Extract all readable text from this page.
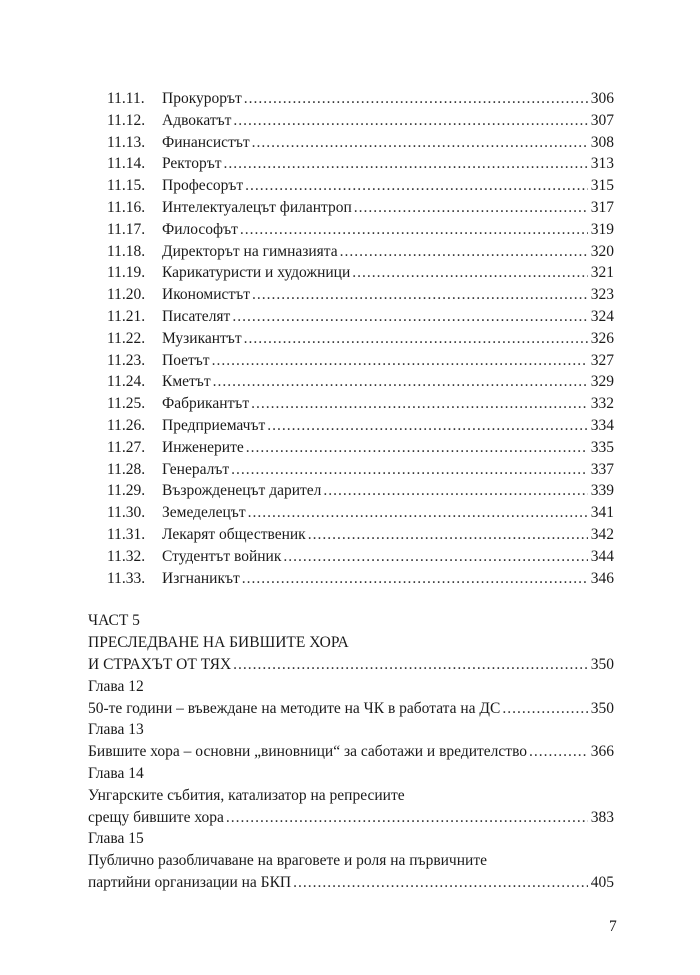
11.11.	Прокурорът .....	306
11.12.	Адвокатът .....	307
11.13.	Финансистът .....	308
11.14.	Ректорът .....	313
11.15.	Професорът .....	315
11.16.	Интелектуалецът филантроп .....	317
11.17.	Философът .....	319
11.18.	Директорът на гимназията .....	320
11.19.	Карикатуристи и художници .....	321
11.20.	Икономистът .....	323
11.21.	Писателят .....	324
11.22.	Музикантът .....	326
11.23.	Поетът .....	327
11.24.	Кметът .....	329
11.25.	Фабрикантът .....	332
11.26.	Предприемачът .....	334
11.27.	Инженерите .....	335
11.28.	Генералът .....	337
11.29.	Възрожденецът дарител .....	339
11.30.	Земеделецът .....	341
11.31.	Лекарят общественик .....	342
11.32.	Студентът войник .....	344
11.33.	Изгнаникът .....	346
ЧАСТ 5
ПРЕСЛЕДВАНЕ НА БИВШИТЕ ХОРА
И СТРАХЪТ ОТ ТЯХ .....	350
Глава 12
50-те години – въвеждане на методите на ЧК в работата на ДС .....	350
Глава 13
Бившите хора – основни „виновници“ за саботажи и вредителство .....	366
Глава 14
Унгарските събития, катализатор на репресиите
срещу бившите хора .....	383
Глава 15
Публично разобличаване на враговете и роля на първичните
партийни организации на БКП .....	405
7
